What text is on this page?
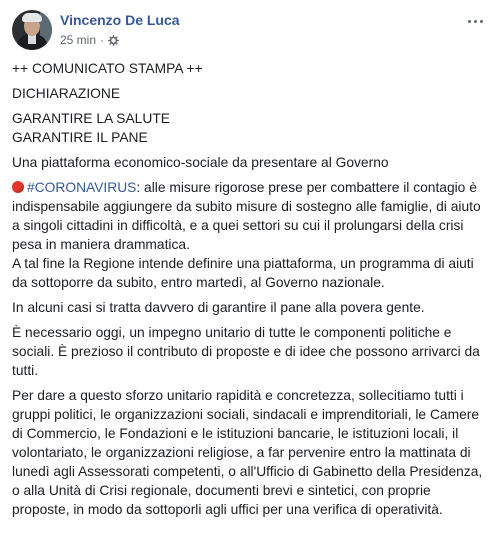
Vincenzo De Luca
25 min ·

++ COMUNICATO STAMPA ++

DICHIARAZIONE

GARANTIRE LA SALUTE
GARANTIRE IL PANE

Una piattaforma economico-sociale da presentare al Governo

#CORONAVIRUS: alle misure rigorose prese per combattere il contagio è indispensabile aggiungere da subito misure di sostegno alle famiglie, di aiuto a singoli cittadini in difficoltà, e a quei settori su cui il prolungarsi della crisi pesa in maniera drammatica.
A tal fine la Regione intende definire una piattaforma, un programma di aiuti da sottoporre da subito, entro martedì, al Governo nazionale.

In alcuni casi si tratta davvero di garantire il pane alla povera gente.

È necessario oggi, un impegno unitario di tutte le componenti politiche e sociali. È prezioso il contributo di proposte e di idee che possono arrivarci da tutti.

Per dare a questo sforzo unitario rapidità e concretezza, sollecitiamo tutti i gruppi politici, le organizzazioni sociali, sindacali e imprenditoriali, le Camere di Commercio, le Fondazioni e le istituzioni bancarie, le istituzioni locali, il volontariato, le organizzazioni religiose, a far pervenire entro la mattinata di lunedì agli Assessorati competenti, o all'Ufficio di Gabinetto della Presidenza, o alla Unità di Crisi regionale, documenti brevi e sintetici, con proprie proposte, in modo da sottoporli agli uffici per una verifica di operatività.
